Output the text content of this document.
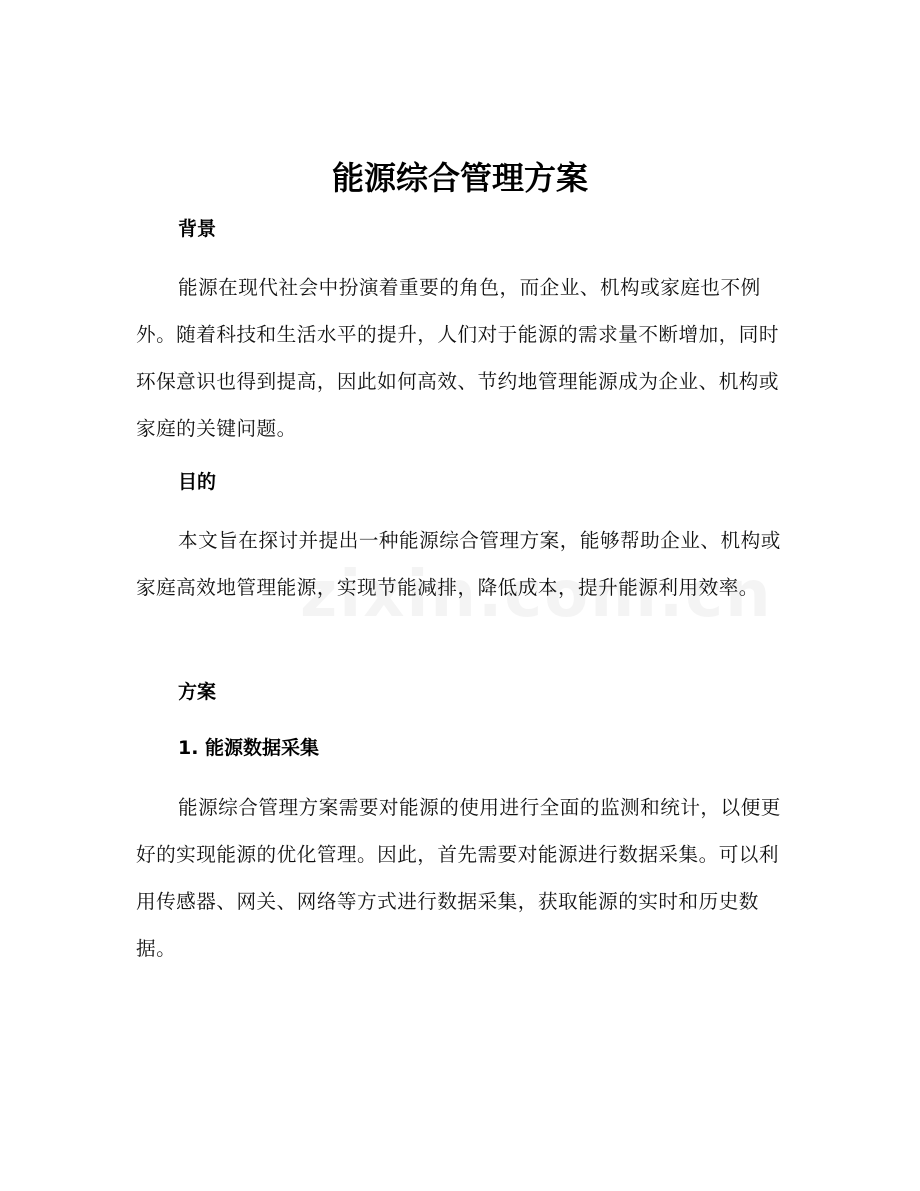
能源综合管理方案
背景

能源在现代社会中扮演着重要的角色，而企业、机构或家庭也不例外。随着科技和生活水平的提升，人们对于能源的需求量不断增加，同时环保意识也得到提高，因此如何高效、节约地管理能源成为企业、机构或家庭的关键问题。

目的

本文旨在探讨并提出一种能源综合管理方案，能够帮助企业、机构或家庭高效地管理能源，实现节能减排，降低成本，提升能源利用效率。

方案
1. 能源数据采集

能源综合管理方案需要对能源的使用进行全面的监测和统计，以便更好的实现能源的优化管理。因此，首先需要对能源进行数据采集。可以利用传感器、网关、网络等方式进行数据采集，获取能源的实时和历史数据。
